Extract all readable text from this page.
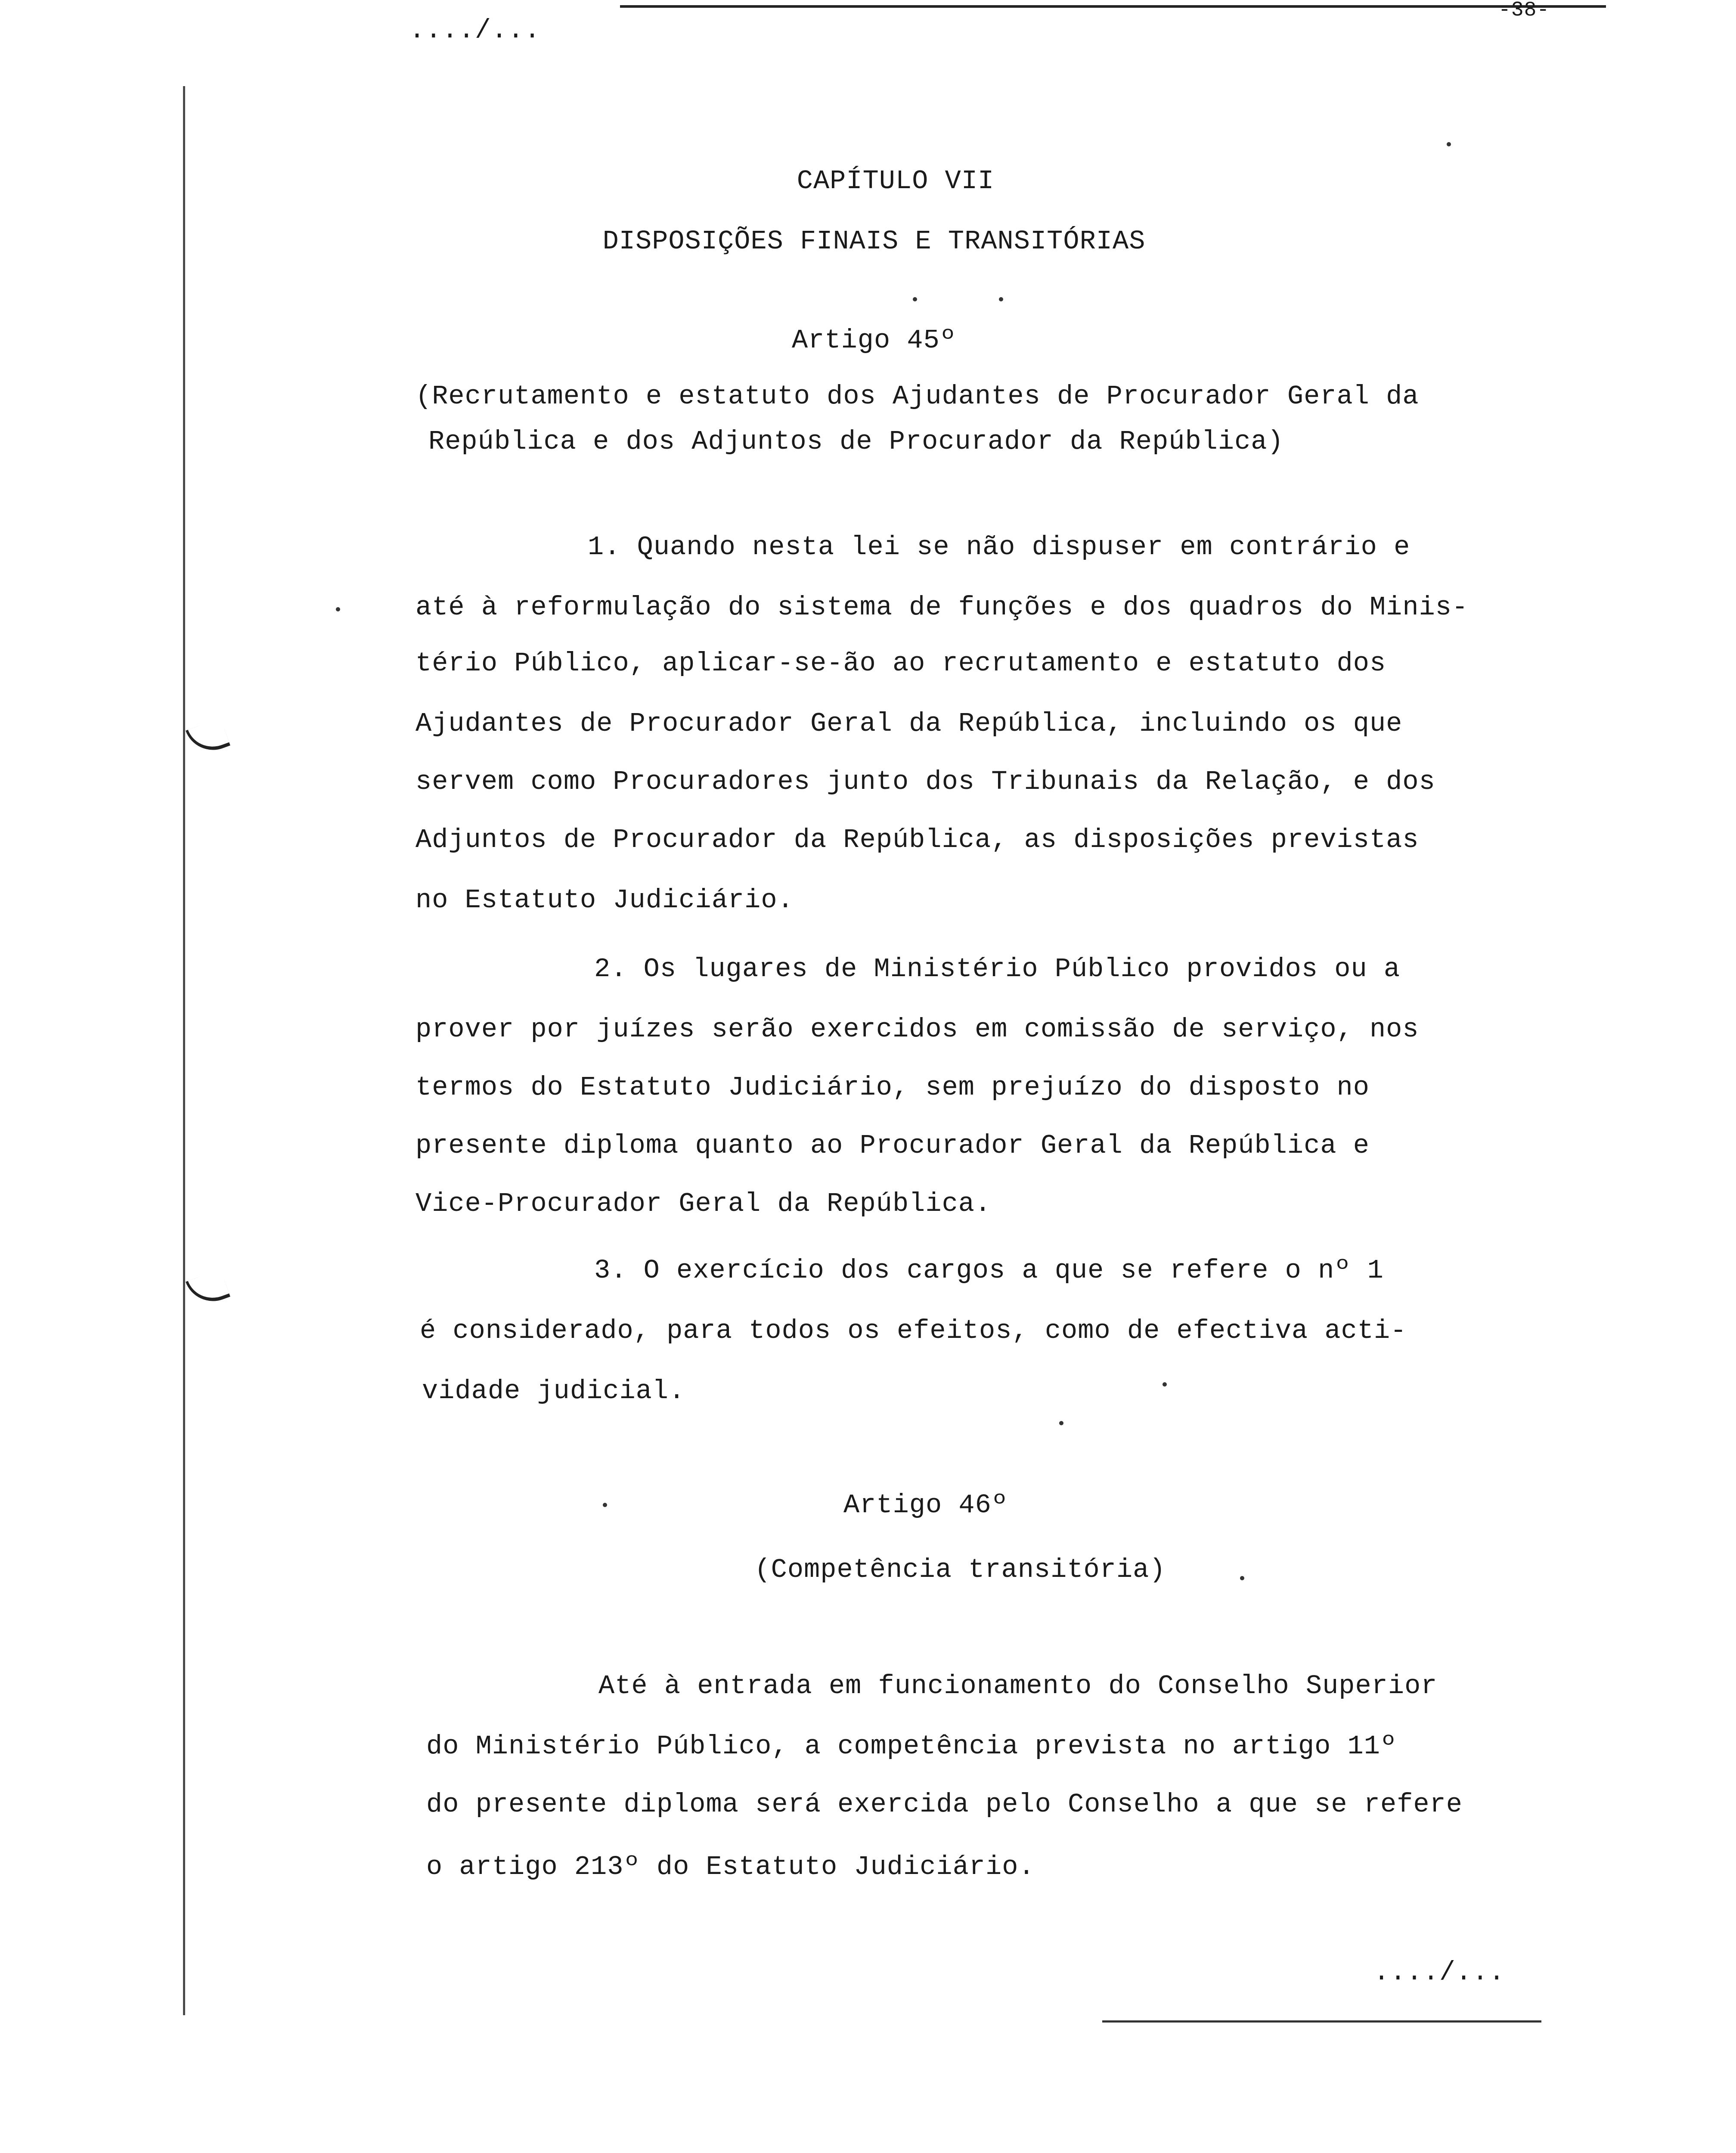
..../...
-38-
CAPÍTULO VII
DISPOSIÇÕES FINAIS E TRANSITÓRIAS
Artigo 45º
(Recrutamento e estatuto dos Ajudantes de Procurador Geral da
República e dos Adjuntos de Procurador da República)
1. Quando nesta lei se não dispuser em contrário e
até à reformulação do sistema de funções e dos quadros do Minis-
tério Público, aplicar-se-ão ao recrutamento e estatuto dos
Ajudantes de Procurador Geral da República, incluindo os que
servem como Procuradores junto dos Tribunais da Relação, e dos
Adjuntos de Procurador da República, as disposições previstas
no Estatuto Judiciário.
2. Os lugares de Ministério Público providos ou a
prover por juízes serão exercidos em comissão de serviço, nos
termos do Estatuto Judiciário, sem prejuízo do disposto no
presente diploma quanto ao Procurador Geral da República e
Vice-Procurador Geral da República.
3. O exercício dos cargos a que se refere o nº 1
é considerado, para todos os efeitos, como de efectiva acti-
vidade judicial.
Artigo 46º
(Competência transitória)
Até à entrada em funcionamento do Conselho Superior
do Ministério Público, a competência prevista no artigo 11º
do presente diploma será exercida pelo Conselho a que se refere
o artigo 213º do Estatuto Judiciário.
..../...
